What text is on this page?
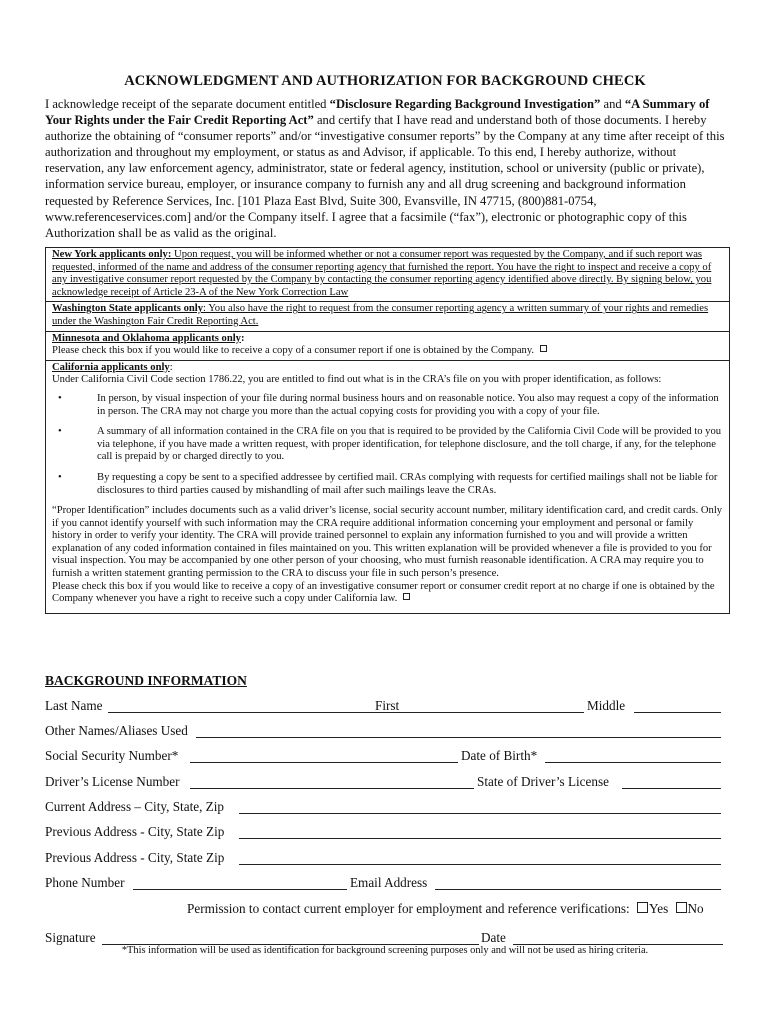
ACKNOWLEDGMENT AND AUTHORIZATION FOR BACKGROUND CHECK
I acknowledge receipt of the separate document entitled “Disclosure Regarding Background Investigation” and “A Summary of Your Rights under the Fair Credit Reporting Act” and certify that I have read and understand both of those documents. I hereby authorize the obtaining of “consumer reports” and/or “investigative consumer reports” by the Company at any time after receipt of this authorization and throughout my employment, or status as and Advisor, if applicable. To this end, I hereby authorize, without reservation, any law enforcement agency, administrator, state or federal agency, institution, school or university (public or private), information service bureau, employer, or insurance company to furnish any and all drug screening and background information requested by Reference Services, Inc. [101 Plaza East Blvd, Suite 300, Evansville, IN 47715, (800)881-0754, www.referenceservices.com] and/or the Company itself. I agree that a facsimile (“fax”), electronic or photographic copy of this Authorization shall be as valid as the original.

New York applicants only: Upon request, you will be informed whether or not a consumer report was requested by the Company, and if such report was requested, informed of the name and address of the consumer reporting agency that furnished the report. You have the right to inspect and receive a copy of any investigative consumer report requested by the Company by contacting the consumer reporting agency identified above directly. By signing below, you acknowledge receipt of Article 23-A of the New York Correction Law

Washington State applicants only: You also have the right to request from the consumer reporting agency a written summary of your rights and remedies under the Washington Fair Credit Reporting Act.

Minnesota and Oklahoma applicants only:

Please check this box if you would like to receive a copy of a consumer report if one is obtained by the Company.

California applicants only:

Under California Civil Code section 1786.22, you are entitled to find out what is in the CRA’s file on you with proper identification, as follows:

•	In person, by visual inspection of your file during normal business hours and on reasonable notice. You also may request a copy of the information in person. The CRA may not charge you more than the actual copying costs for providing you with a copy of your file.

•	A summary of all information contained in the CRA file on you that is required to be provided by the California Civil Code will be provided to you via telephone, if you have made a written request, with proper identification, for telephone disclosure, and the toll charge, if any, for the telephone call is prepaid by or charged directly to you.

•	By requesting a copy be sent to a specified addressee by certified mail. CRAs complying with requests for certified mailings shall not be liable for disclosures to third parties caused by mishandling of mail after such mailings leave the CRAs.

“Proper Identification” includes documents such as a valid driver’s license, social security account number, military identification card, and credit cards. Only if you cannot identify yourself with such information may the CRA require additional information concerning your employment and personal or family history in order to verify your identity. The CRA will provide trained personnel to explain any information furnished to you and will provide a written explanation of any coded information contained in files maintained on you. This written explanation will be provided whenever a file is provided to you for visual inspection. You may be accompanied by one other person of your choosing, who must furnish reasonable identification. A CRA may require you to furnish a written statement granting permission to the CRA to discuss your file in such person’s presence.

Please check this box if you would like to receive a copy of an investigative consumer report or consumer credit report at no charge if one is obtained by the Company whenever you have a right to receive such a copy under California law.

BACKGROUND INFORMATION
Last Name	First	Middle
Other Names/Aliases Used
Social Security Number*	Date of Birth*
Driver’s License Number	State of Driver’s License
Current Address – City, State, Zip
Previous Address - City, State Zip
Previous Address - City, State Zip
Phone Number	Email Address
Permission to contact current employer for employment and reference verifications: Yes No
Signature	Date
*This information will be used as identification for background screening purposes only and will not be used as hiring criteria.
